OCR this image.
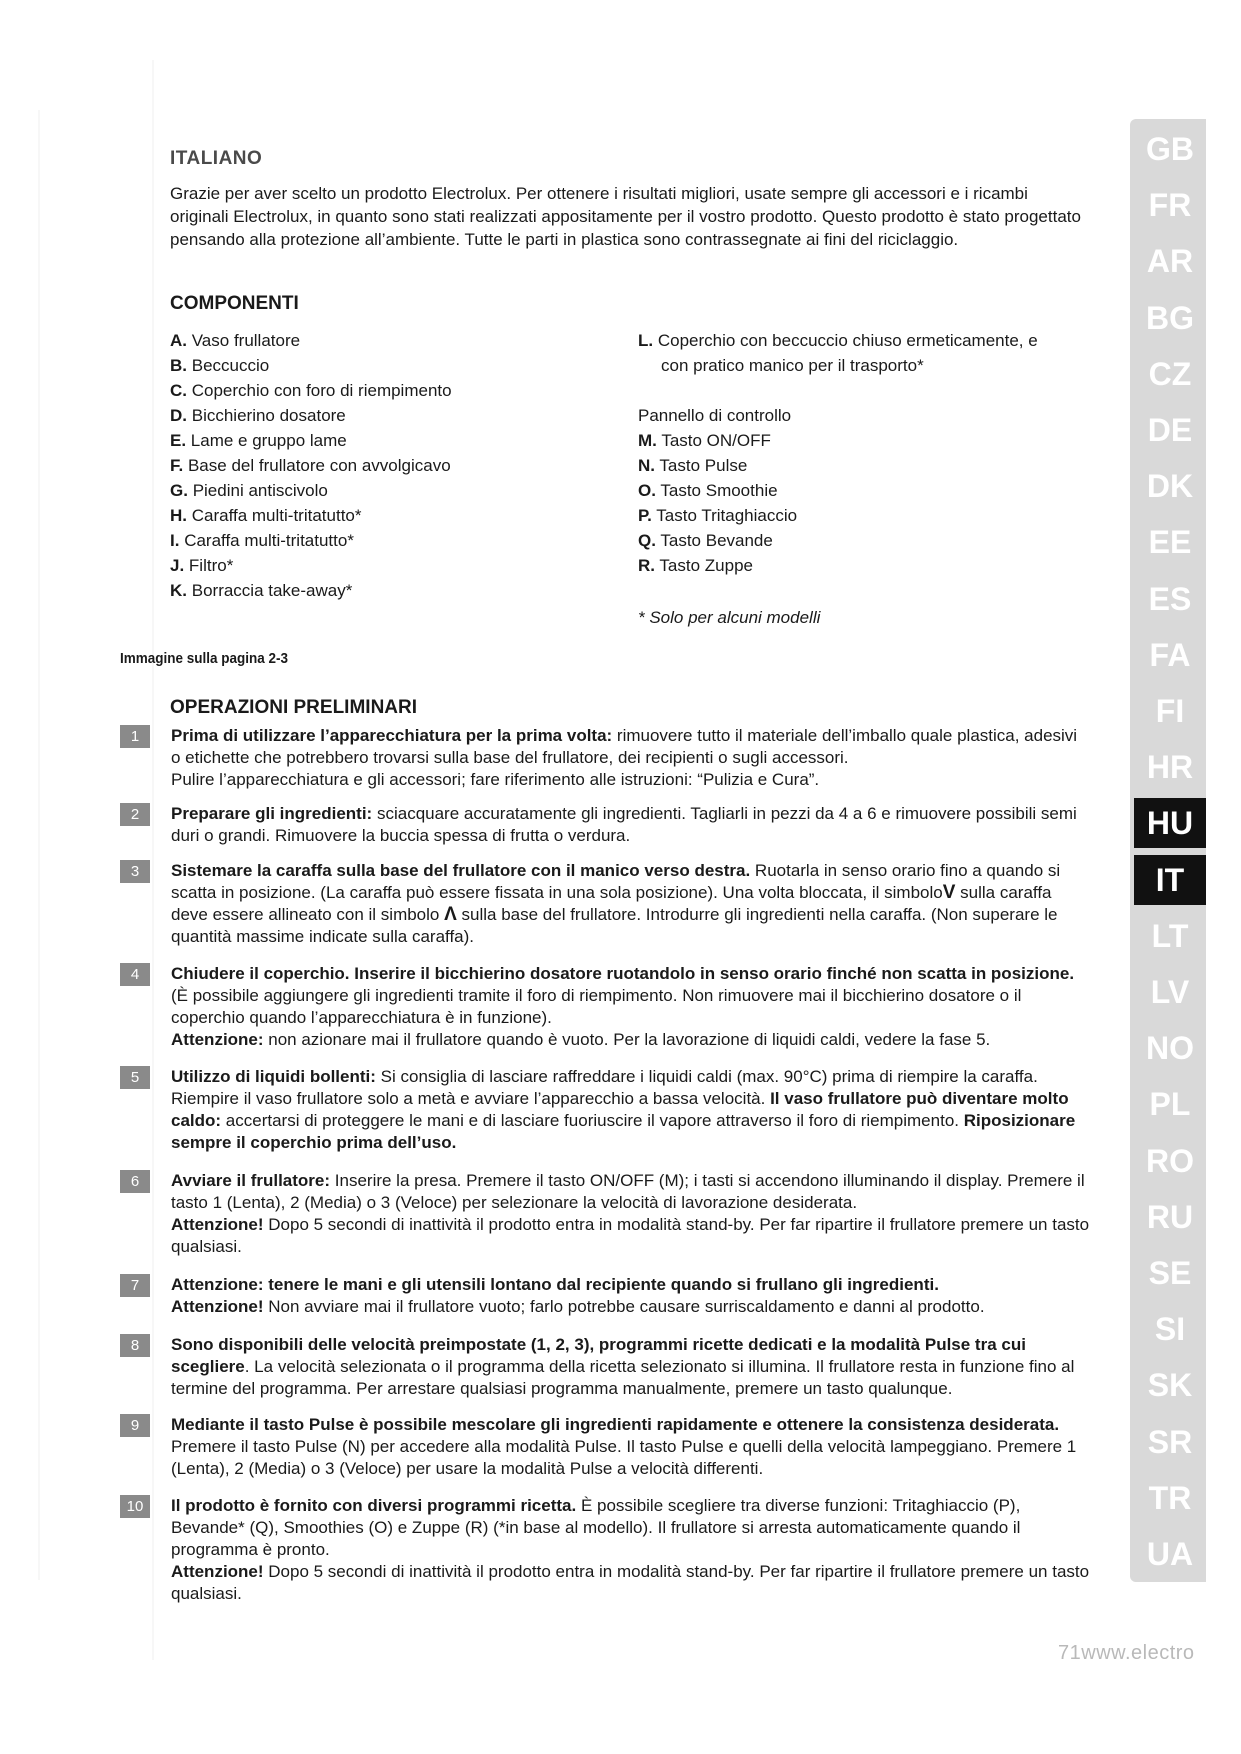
ITALIANO
Grazie per aver scelto un prodotto Electrolux. Per ottenere i risultati migliori, usate sempre gli accessori e i ricambi originali Electrolux, in quanto sono stati realizzati appositamente per il vostro prodotto. Questo prodotto è stato progettato pensando alla protezione all’ambiente. Tutte le parti in plastica sono contrassegnate ai fini del riciclaggio.
COMPONENTI
A. Vaso frullatore
B. Beccuccio
C. Coperchio con foro di riempimento
D. Bicchierino dosatore
E. Lame e gruppo lame
F. Base del frullatore con avvolgicavo
G. Piedini antiscivolo
H. Caraffa multi-tritatutto*
I. Caraffa multi-tritatutto*
J. Filtro*
K. Borraccia take-away*
L. Coperchio con beccuccio chiuso ermeticamente, e
con pratico manico per il trasporto*
Pannello di controllo
M. Tasto ON/OFF
N. Tasto Pulse
O. Tasto Smoothie
P. Tasto Tritaghiaccio
Q. Tasto Bevande
R. Tasto Zuppe
* Solo per alcuni modelli
Immagine sulla pagina 2-3
OPERAZIONI PRELIMINARI
1	Prima di utilizzare l’apparecchiatura per la prima volta: rimuovere tutto il materiale dell’imballo quale plastica, adesivi o etichette che potrebbero trovarsi sulla base del frullatore, dei recipienti o sugli accessori.
Pulire l’apparecchiatura e gli accessori; fare riferimento alle istruzioni: “Pulizia e Cura”.
2	Preparare gli ingredienti: sciacquare accuratamente gli ingredienti. Tagliarli in pezzi da 4 a 6 e rimuovere possibili semi duri o grandi. Rimuovere la buccia spessa di frutta o verdura.
3	Sistemare la caraffa sulla base del frullatore con il manico verso destra. Ruotarla in senso orario fino a quando si scatta in posizione. (La caraffa può essere fissata in una sola posizione). Una volta bloccata, il simboloV sulla caraffa deve essere allineato con il simbolo Λ sulla base del frullatore. Introdurre gli ingredienti nella caraffa. (Non superare le quantità massime indicate sulla caraffa).
4	Chiudere il coperchio. Inserire il bicchierino dosatore ruotandolo in senso orario finché non scatta in posizione. (È possibile aggiungere gli ingredienti tramite il foro di riempimento. Non rimuovere mai il bicchierino dosatore o il coperchio quando l’apparecchiatura è in funzione).
Attenzione: non azionare mai il frullatore quando è vuoto. Per la lavorazione di liquidi caldi, vedere la fase 5.
5	Utilizzo di liquidi bollenti: Si consiglia di lasciare raffreddare i liquidi caldi (max. 90°C) prima di riempire la caraffa. Riempire il vaso frullatore solo a metà e avviare l’apparecchio a bassa velocità. Il vaso frullatore può diventare molto caldo: accertarsi di proteggere le mani e di lasciare fuoriuscire il vapore attraverso il foro di riempimento. Riposizionare sempre il coperchio prima dell’uso.
6	Avviare il frullatore: Inserire la presa. Premere il tasto ON/OFF (M); i tasti si accendono illuminando il display. Premere il tasto 1 (Lenta), 2 (Media) o 3 (Veloce) per selezionare la velocità di lavorazione desiderata.
Attenzione! Dopo 5 secondi di inattività il prodotto entra in modalità stand-by. Per far ripartire il frullatore premere un tasto qualsiasi.
7	Attenzione: tenere le mani e gli utensili lontano dal recipiente quando si frullano gli ingredienti.
Attenzione! Non avviare mai il frullatore vuoto; farlo potrebbe causare surriscaldamento e danni al prodotto.
8	Sono disponibili delle velocità preimpostate (1, 2, 3), programmi ricette dedicati e la modalità Pulse tra cui scegliere. La velocità selezionata o il programma della ricetta selezionato si illumina. Il frullatore resta in funzione fino al termine del programma. Per arrestare qualsiasi programma manualmente, premere un tasto qualunque.
9	Mediante il tasto Pulse è possibile mescolare gli ingredienti rapidamente e ottenere la consistenza desiderata. Premere il tasto Pulse (N) per accedere alla modalità Pulse. Il tasto Pulse e quelli della velocità lampeggiano. Premere 1 (Lenta), 2 (Media) o 3 (Veloce) per usare la modalità Pulse a velocità differenti.
10	Il prodotto è fornito con diversi programmi ricetta. È possibile scegliere tra diverse funzioni: Tritaghiaccio (P), Bevande* (Q), Smoothies (O) e Zuppe (R) (*in base al modello). Il frullatore si arresta automaticamente quando il programma è pronto.
Attenzione! Dopo 5 secondi di inattività il prodotto entra in modalità stand-by. Per far ripartire il frullatore premere un tasto qualsiasi.
GB
FR
AR
BG
CZ
DE
DK
EE
ES
FA
FI
HR
HU
IT
LT
LV
NO
PL
RO
RU
SE
SI
SK
SR
TR
UA
71www.electro
